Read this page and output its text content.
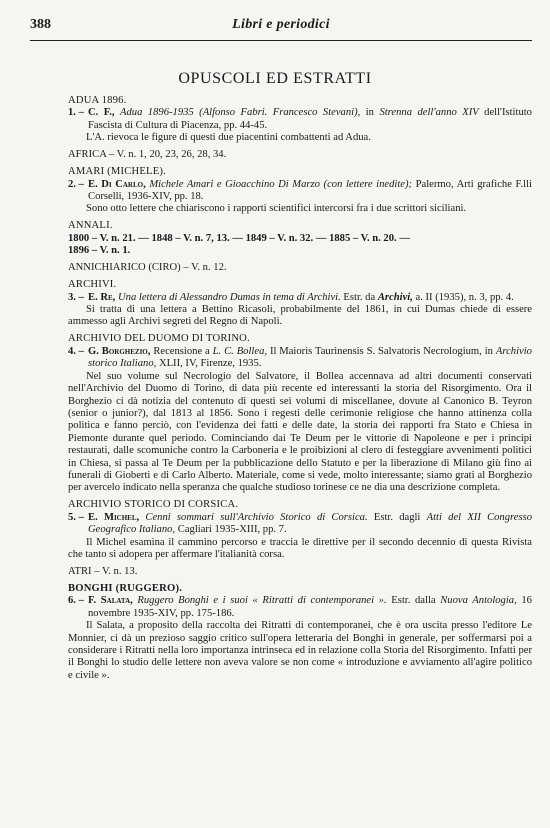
388	Libri e periodici
OPUSCOLI ED ESTRATTI
ADUA 1896.
1. – C. F., Adua 1896-1935 (Alfonso Fabri. Francesco Stevani), in Strenna dell'anno XIV dell'Istituto Fascista di Cultura di Piacenza, pp. 44-45.
L'A. rievoca le figure di questi due piacentini combattenti ad Adua.
AFRICA – V. n. 1, 20, 23, 26, 28, 34.
AMARI (MICHELE).
2. – E. Di Carlo, Michele Amari e Gioacchino Di Marzo (con lettere inedite); Palermo, Arti grafiche F.lli Corselli, 1936-XIV, pp. 18.
Sono otto lettere che chiariscono i rapporti scientifici intercorsi fra i due scrittori siciliani.
ANNALI.
1800 – V. n. 21. — 1848 – V. n. 7, 13. — 1849 – V. n. 32. — 1885 – V. n. 20. —
1896 – V. n. 1.
ANNICHIARICO (CIRO) – V. n. 12.
ARCHIVI.
3. – E. Re, Una lettera di Alessandro Dumas in tema di Archivi. Estr. da Archivi, a. II (1935), n. 3, pp. 4.
Si tratta di una lettera a Bettino Ricasoli, probabilmente del 1861, in cui Dumas chiede di essere ammesso agli Archivi segreti del Regno di Napoli.
ARCHIVIO DEL DUOMO DI TORINO.
4. – G. Borghezio, Recensione a L. C. Bollea, Il Maioris Taurinensis S. Salvatoris Necrologium, in Archivio storico Italiano, XLII, IV, Firenze, 1935.
Nel suo volume sul Necrologio del Salvatore, il Bollea accennava ad altri documenti conservati nell'Archivio del Duomo di Torino, di data più recente ed interessanti la storia del Risorgimento. Ora il Borghezio ci dà notizia del contenuto di questi sei volumi di miscellanee, dovute al Canonico B. Teyron (senior o junior?), dal 1813 al 1856. Sono i regesti delle cerimonie religiose che hanno attinenza colla politica e fanno perciò, con l'evidenza dei fatti e delle date, la storia dei rapporti fra Stato e Chiesa in Piemonte durante quel periodo. Cominciando dai Te Deum per le vittorie di Napoleone e per i principi restaurati, dalle scomuniche contro la Carboneria e le proibizioni al clero di festeggiare avvenimenti politici in Chiesa, si passa al Te Deum per la pubblicazione dello Statuto e per la liberazione di Milano giù fino ai funerali di Gioberti e di Carlo Alberto. Materiale, come si vede, molto interessante; siamo grati al Borghezio per avercelo indicato nella speranza che qualche studioso torinese ce ne dia una descrizione completa.
ARCHIVIO STORICO DI CORSICA.
5. – E. Michel, Cenni sommari sull'Archivio Storico di Corsica. Estr. dagli Atti del XII Congresso Geografico Italiano, Cagliari 1935-XIII, pp. 7.
Il Michel esamina il cammino percorso e traccia le direttive per il secondo decennio di questa Rivista che tanto si adopera per affermare l'italianità corsa.
ATRI – V. n. 13.
BONGHI (RUGGERO).
6. – F. Salata, Ruggero Bonghi e i suoi « Ritratti di contemporanei ». Estr. dalla Nuova Antologia, 16 novembre 1935-XIV, pp. 175-186.
Il Salata, a proposito della raccolta dei Ritratti di contemporanei, che è ora uscita presso l'editore Le Monnier, ci dà un prezioso saggio critico sull'opera letteraria del Bonghi in generale, per soffermarsi poi a considerare i Ritratti nella loro importanza intrinseca ed in relazione colla Storia del Risorgimento. Infatti per il Bonghi lo studio delle lettere non aveva valore se non come « introduzione e avviamento all'agire politico e civile ».
